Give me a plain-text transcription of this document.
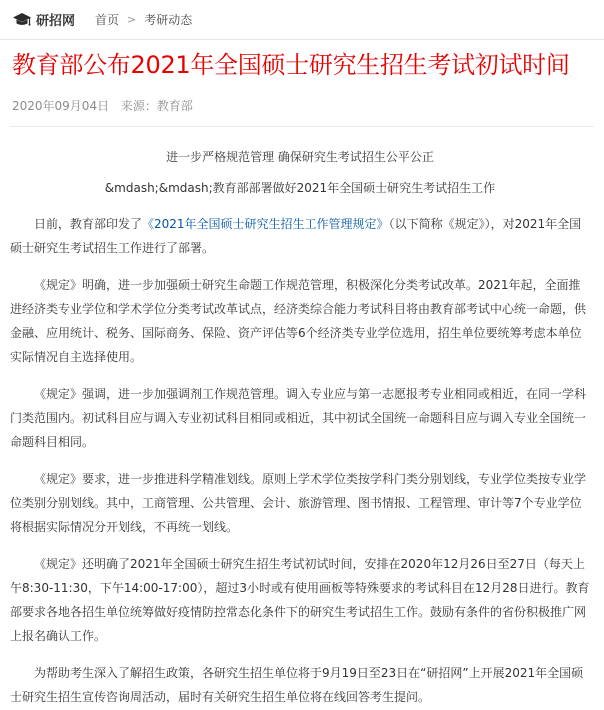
研招网 首页 > 考研动态
教育部公布2021年全国硕士研究生招生考试初试时间
2020年09月04日 来源：教育部

进一步严格规范管理 确保研究生考试招生公平公正

&mdash;&mdash;教育部部署做好2021年全国硕士研究生考试招生工作

日前，教育部印发了《2021年全国硕士研究生招生工作管理规定》（以下简称《规定》），对2021年全国硕士研究生考试招生工作进行了部署。

《规定》明确，进一步加强硕士研究生命题工作规范管理，积极深化分类考试改革。2021年起，全面推进经济类专业学位和学术学位分类考试改革试点，经济类综合能力考试科目将由教育部考试中心统一命题，供金融、应用统计、税务、国际商务、保险、资产评估等6个经济类专业学位选用，招生单位要统筹考虑本单位实际情况自主选择使用。

《规定》强调，进一步加强调剂工作规范管理。调入专业应与第一志愿报考专业相同或相近，在同一学科门类范围内。初试科目应与调入专业初试科目相同或相近，其中初试全国统一命题科目应与调入专业全国统一命题科目相同。

《规定》要求，进一步推进科学精准划线。原则上学术学位类按学科门类分别划线，专业学位类按专业学位类别分别划线。其中，工商管理、公共管理、会计、旅游管理、图书情报、工程管理、审计等7个专业学位将根据实际情况分开划线，不再统一划线。

《规定》还明确了2021年全国硕士研究生招生考试初试时间，安排在2020年12月26日至27日（每天上午8:30-11:30，下午14:00-17:00），超过3小时或有使用画板等特殊要求的考试科目在12月28日进行。教育部要求各地各招生单位统筹做好疫情防控常态化条件下的研究生考试招生工作。鼓励有条件的省份积极推广网上报名确认工作。

为帮助考生深入了解招生政策，各研究生招生单位将于9月19日至23日在“研招网”上开展2021年全国硕士研究生招生宣传咨询周活动，届时有关研究生招生单位将在线回答考生提问。
